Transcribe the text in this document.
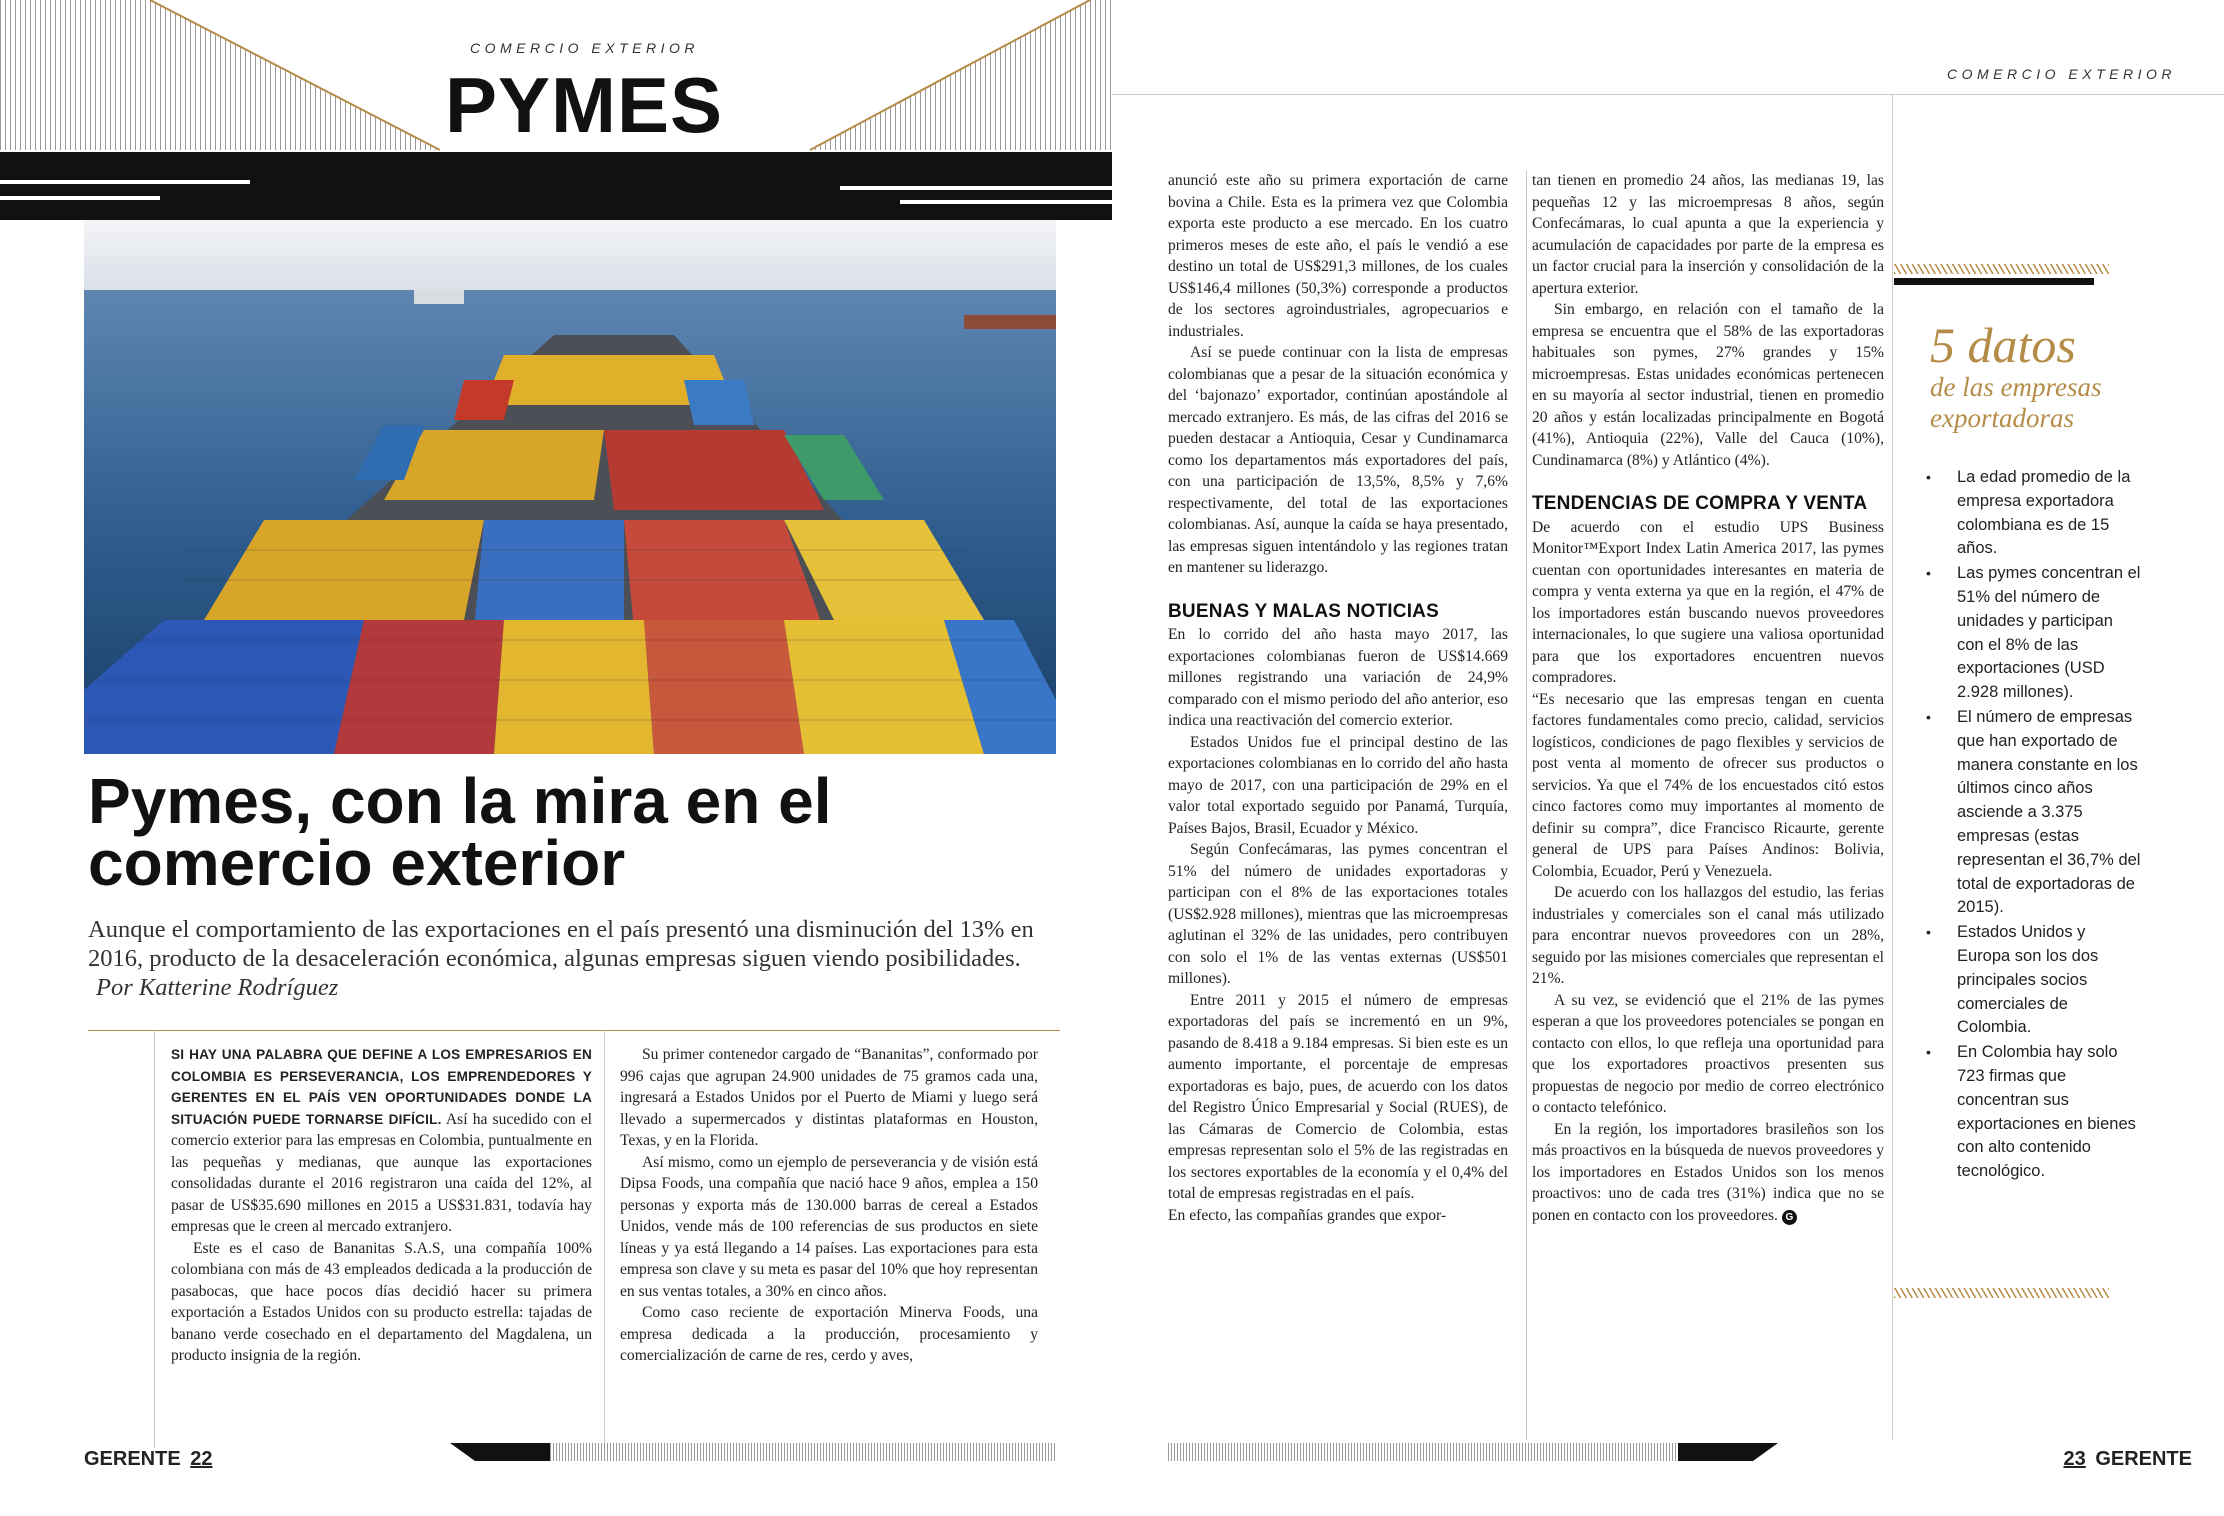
COMERCIO EXTERIOR
PYMES
Pymes, con la mira en el comercio exterior
Aunque el comportamiento de las exportaciones en el país presentó una disminución del 13% en 2016, producto de la desaceleración económica, algunas empresas siguen viendo posibilidades. Por Katterine Rodríguez

SI HAY UNA PALABRA QUE DEFINE A LOS EMPRESARIOS EN COLOMBIA ES PERSEVERANCIA, LOS EMPRENDEDORES Y GERENTES EN EL PAÍS VEN OPORTUNIDADES DONDE LA SITUACIÓN PUEDE TORNARSE DIFÍCIL. Así ha sucedido con el comercio exterior para las empresas en Colombia, puntualmente en las pequeñas y medianas, que aunque las exportaciones consolidadas durante el 2016 registraron una caída del 12%, al pasar de US$35.690 millones en 2015 a US$31.831, todavía hay empresas que le creen al mercado extranjero.

Este es el caso de Bananitas S.A.S, una compañía 100% colombiana con más de 43 empleados dedicada a la producción de pasabocas, que hace pocos días decidió hacer su primera exportación a Estados Unidos con su producto estrella: tajadas de banano verde cosechado en el departamento del Magdalena, un producto insignia de la región.

Su primer contenedor cargado de “Bananitas”, conformado por 996 cajas que agrupan 24.900 unidades de 75 gramos cada una, ingresará a Estados Unidos por el Puerto de Miami y luego será llevado a supermercados y distintas plataformas en Houston, Texas, y en la Florida.

Así mismo, como un ejemplo de perseverancia y de visión está Dipsa Foods, una compañía que nació hace 9 años, emplea a 150 personas y exporta más de 130.000 barras de cereal a Estados Unidos, vende más de 100 referencias de sus productos en siete líneas y ya está llegando a 14 países. Las exportaciones para esta empresa son clave y su meta es pasar del 10% que hoy representan en sus ventas totales, a 30% en cinco años.

Como caso reciente de exportación Minerva Foods, una empresa dedicada a la producción, procesamiento y comercialización de carne de res, cerdo y aves,

GERENTE 22
COMERCIO EXTERIOR

anunció este año su primera exportación de carne bovina a Chile. Esta es la primera vez que Colombia exporta este producto a ese mercado. En los cuatro primeros meses de este año, el país le vendió a ese destino un total de US$291,3 millones, de los cuales US$146,4 millones (50,3%) corresponde a productos de los sectores agroindustriales, agropecuarios e industriales.

Así se puede continuar con la lista de empresas colombianas que a pesar de la situación económica y del ‘bajonazo’ exportador, continúan apostándole al mercado extranjero. Es más, de las cifras del 2016 se pueden destacar a Antioquia, Cesar y Cundinamarca como los departamentos más exportadores del país, con una participación de 13,5%, 8,5% y 7,6% respectivamente, del total de las exportaciones colombianas. Así, aunque la caída se haya presentado, las empresas siguen intentándolo y las regiones tratan en mantener su liderazgo.

BUENAS Y MALAS NOTICIAS

En lo corrido del año hasta mayo 2017, las exportaciones colombianas fueron de US$14.669 millones registrando una variación de 24,9% comparado con el mismo periodo del año anterior, eso indica una reactivación del comercio exterior.

Estados Unidos fue el principal destino de las exportaciones colombianas en lo corrido del año hasta mayo de 2017, con una participación de 29% en el valor total exportado seguido por Panamá, Turquía, Países Bajos, Brasil, Ecuador y México.

Según Confecámaras, las pymes concentran el 51% del número de unidades exportadoras y participan con el 8% de las exportaciones totales (US$2.928 millones), mientras que las microempresas aglutinan el 32% de las unidades, pero contribuyen con solo el 1% de las ventas externas (US$501 millones).

Entre 2011 y 2015 el número de empresas exportadoras del país se incrementó en un 9%, pasando de 8.418 a 9.184 empresas. Si bien este es un aumento importante, el porcentaje de empresas exportadoras es bajo, pues, de acuerdo con los datos del Registro Único Empresarial y Social (RUES), de las Cámaras de Comercio de Colombia, estas empresas representan solo el 5% de las registradas en los sectores exportables de la economía y el 0,4% del total de empresas registradas en el país.

En efecto, las compañías grandes que expor-

tan tienen en promedio 24 años, las medianas 19, las pequeñas 12 y las microempresas 8 años, según Confecámaras, lo cual apunta a que la experiencia y acumulación de capacidades por parte de la empresa es un factor crucial para la inserción y consolidación de la apertura exterior.

Sin embargo, en relación con el tamaño de la empresa se encuentra que el 58% de las exportadoras habituales son pymes, 27% grandes y 15% microempresas. Estas unidades económicas pertenecen en su mayoría al sector industrial, tienen en promedio 20 años y están localizadas principalmente en Bogotá (41%), Antioquia (22%), Valle del Cauca (10%), Cundinamarca (8%) y Atlántico (4%).

TENDENCIAS DE COMPRA Y VENTA

De acuerdo con el estudio UPS Business Monitor™Export Index Latin America 2017, las pymes cuentan con oportunidades interesantes en materia de compra y venta externa ya que en la región, el 47% de los importadores están buscando nuevos proveedores internacionales, lo que sugiere una valiosa oportunidad para que los exportadores encuentren nuevos compradores.

“Es necesario que las empresas tengan en cuenta factores fundamentales como precio, calidad, servicios logísticos, condiciones de pago flexibles y servicios de post venta al momento de ofrecer sus productos o servicios. Ya que el 74% de los encuestados citó estos cinco factores como muy importantes al momento de definir su compra”, dice Francisco Ricaurte, gerente general de UPS para Países Andinos: Bolivia, Colombia, Ecuador, Perú y Venezuela.

De acuerdo con los hallazgos del estudio, las ferias industriales y comerciales son el canal más utilizado para encontrar nuevos proveedores con un 28%, seguido por las misiones comerciales que representan el 21%.

A su vez, se evidenció que el 21% de las pymes esperan a que los proveedores potenciales se pongan en contacto con ellos, lo que refleja una oportunidad para que los exportadores proactivos presenten sus propuestas de negocio por medio de correo electrónico o contacto telefónico.

En la región, los importadores brasileños son los más proactivos en la búsqueda de nuevos proveedores y los importadores en Estados Unidos son los menos proactivos: uno de cada tres (31%) indica que no se ponen en contacto con los proveedores. G

5 datos
de las empresas exportadoras
• La edad promedio de la empresa exportadora colombiana es de 15 años.
• Las pymes concentran el 51% del número de unidades y participan con el 8% de las exportaciones (USD 2.928 millones).
• El número de empresas que han exportado de manera constante en los últimos cinco años asciende a 3.375 empresas (estas representan el 36,7% del total de exportadoras de 2015).
• Estados Unidos y Europa son los dos principales socios comerciales de Colombia.
• En Colombia hay solo 723 firmas que concentran sus exportaciones en bienes con alto contenido tecnológico.
23 GERENTE
